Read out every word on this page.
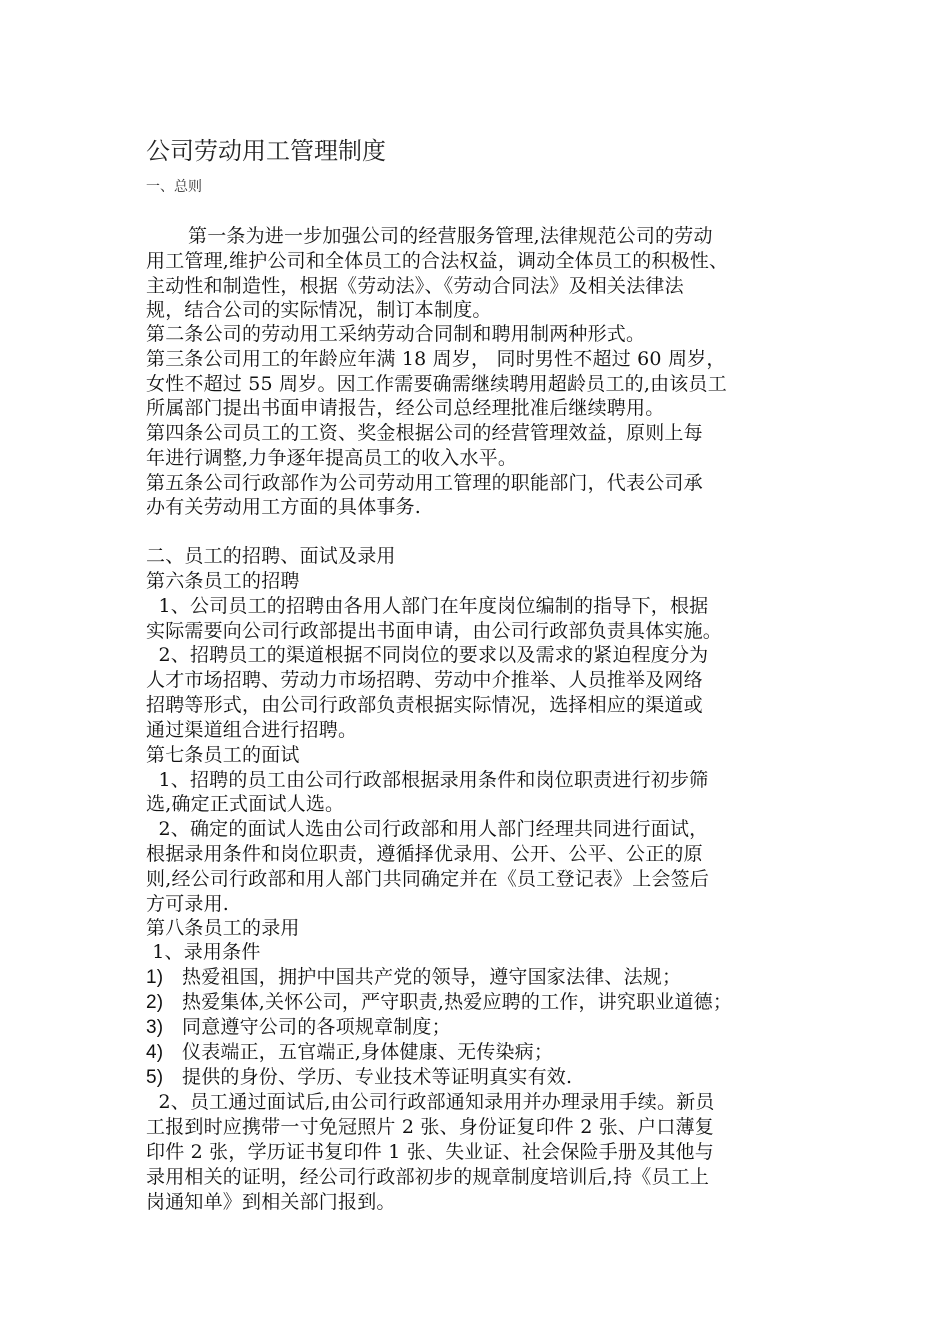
公司劳动用工管理制度
一、总则
第一条为进一步加强公司的经营服务管理,法律规范公司的劳动
用工管理,维护公司和全体员工的合法权益，调动全体员工的积极性、
主动性和制造性，根据《劳动法》、《劳动合同法》及相关法律法
规，结合公司的实际情况，制订本制度。
第二条公司的劳动用工采纳劳动合同制和聘用制两种形式。
第三条公司用工的年龄应年满 18 周岁， 同时男性不超过 60 周岁，
女性不超过 55 周岁。因工作需要确需继续聘用超龄员工的,由该员工
所属部门提出书面申请报告，经公司总经理批准后继续聘用。
第四条公司员工的工资、奖金根据公司的经营管理效益，原则上每
年进行调整,力争逐年提高员工的收入水平。
第五条公司行政部作为公司劳动用工管理的职能部门，代表公司承
办有关劳动用工方面的具体事务.
二、员工的招聘、面试及录用
第六条员工的招聘
1、公司员工的招聘由各用人部门在年度岗位编制的指导下，根据
实际需要向公司行政部提出书面申请，由公司行政部负责具体实施。
2、招聘员工的渠道根据不同岗位的要求以及需求的紧迫程度分为
人才市场招聘、劳动力市场招聘、劳动中介推举、人员推举及网络
招聘等形式，由公司行政部负责根据实际情况，选择相应的渠道或
通过渠道组合进行招聘。
第七条员工的面试
1、招聘的员工由公司行政部根据录用条件和岗位职责进行初步筛
选,确定正式面试人选。
2、确定的面试人选由公司行政部和用人部门经理共同进行面试，
根据录用条件和岗位职责，遵循择优录用、公开、公平、公正的原
则,经公司行政部和用人部门共同确定并在《员工登记表》上会签后
方可录用.
第八条员工的录用
1、录用条件
1) 热爱祖国，拥护中国共产党的领导，遵守国家法律、法规；
2) 热爱集体,关怀公司，严守职责,热爱应聘的工作，讲究职业道德；
3) 同意遵守公司的各项规章制度；
4) 仪表端正，五官端正,身体健康、无传染病；
5) 提供的身份、学历、专业技术等证明真实有效.
2、员工通过面试后,由公司行政部通知录用并办理录用手续。新员
工报到时应携带一寸免冠照片 2 张、身份证复印件 2 张、户口薄复
印件 2 张，学历证书复印件 1 张、失业证、社会保险手册及其他与
录用相关的证明，经公司行政部初步的规章制度培训后,持《员工上
岗通知单》到相关部门报到。
